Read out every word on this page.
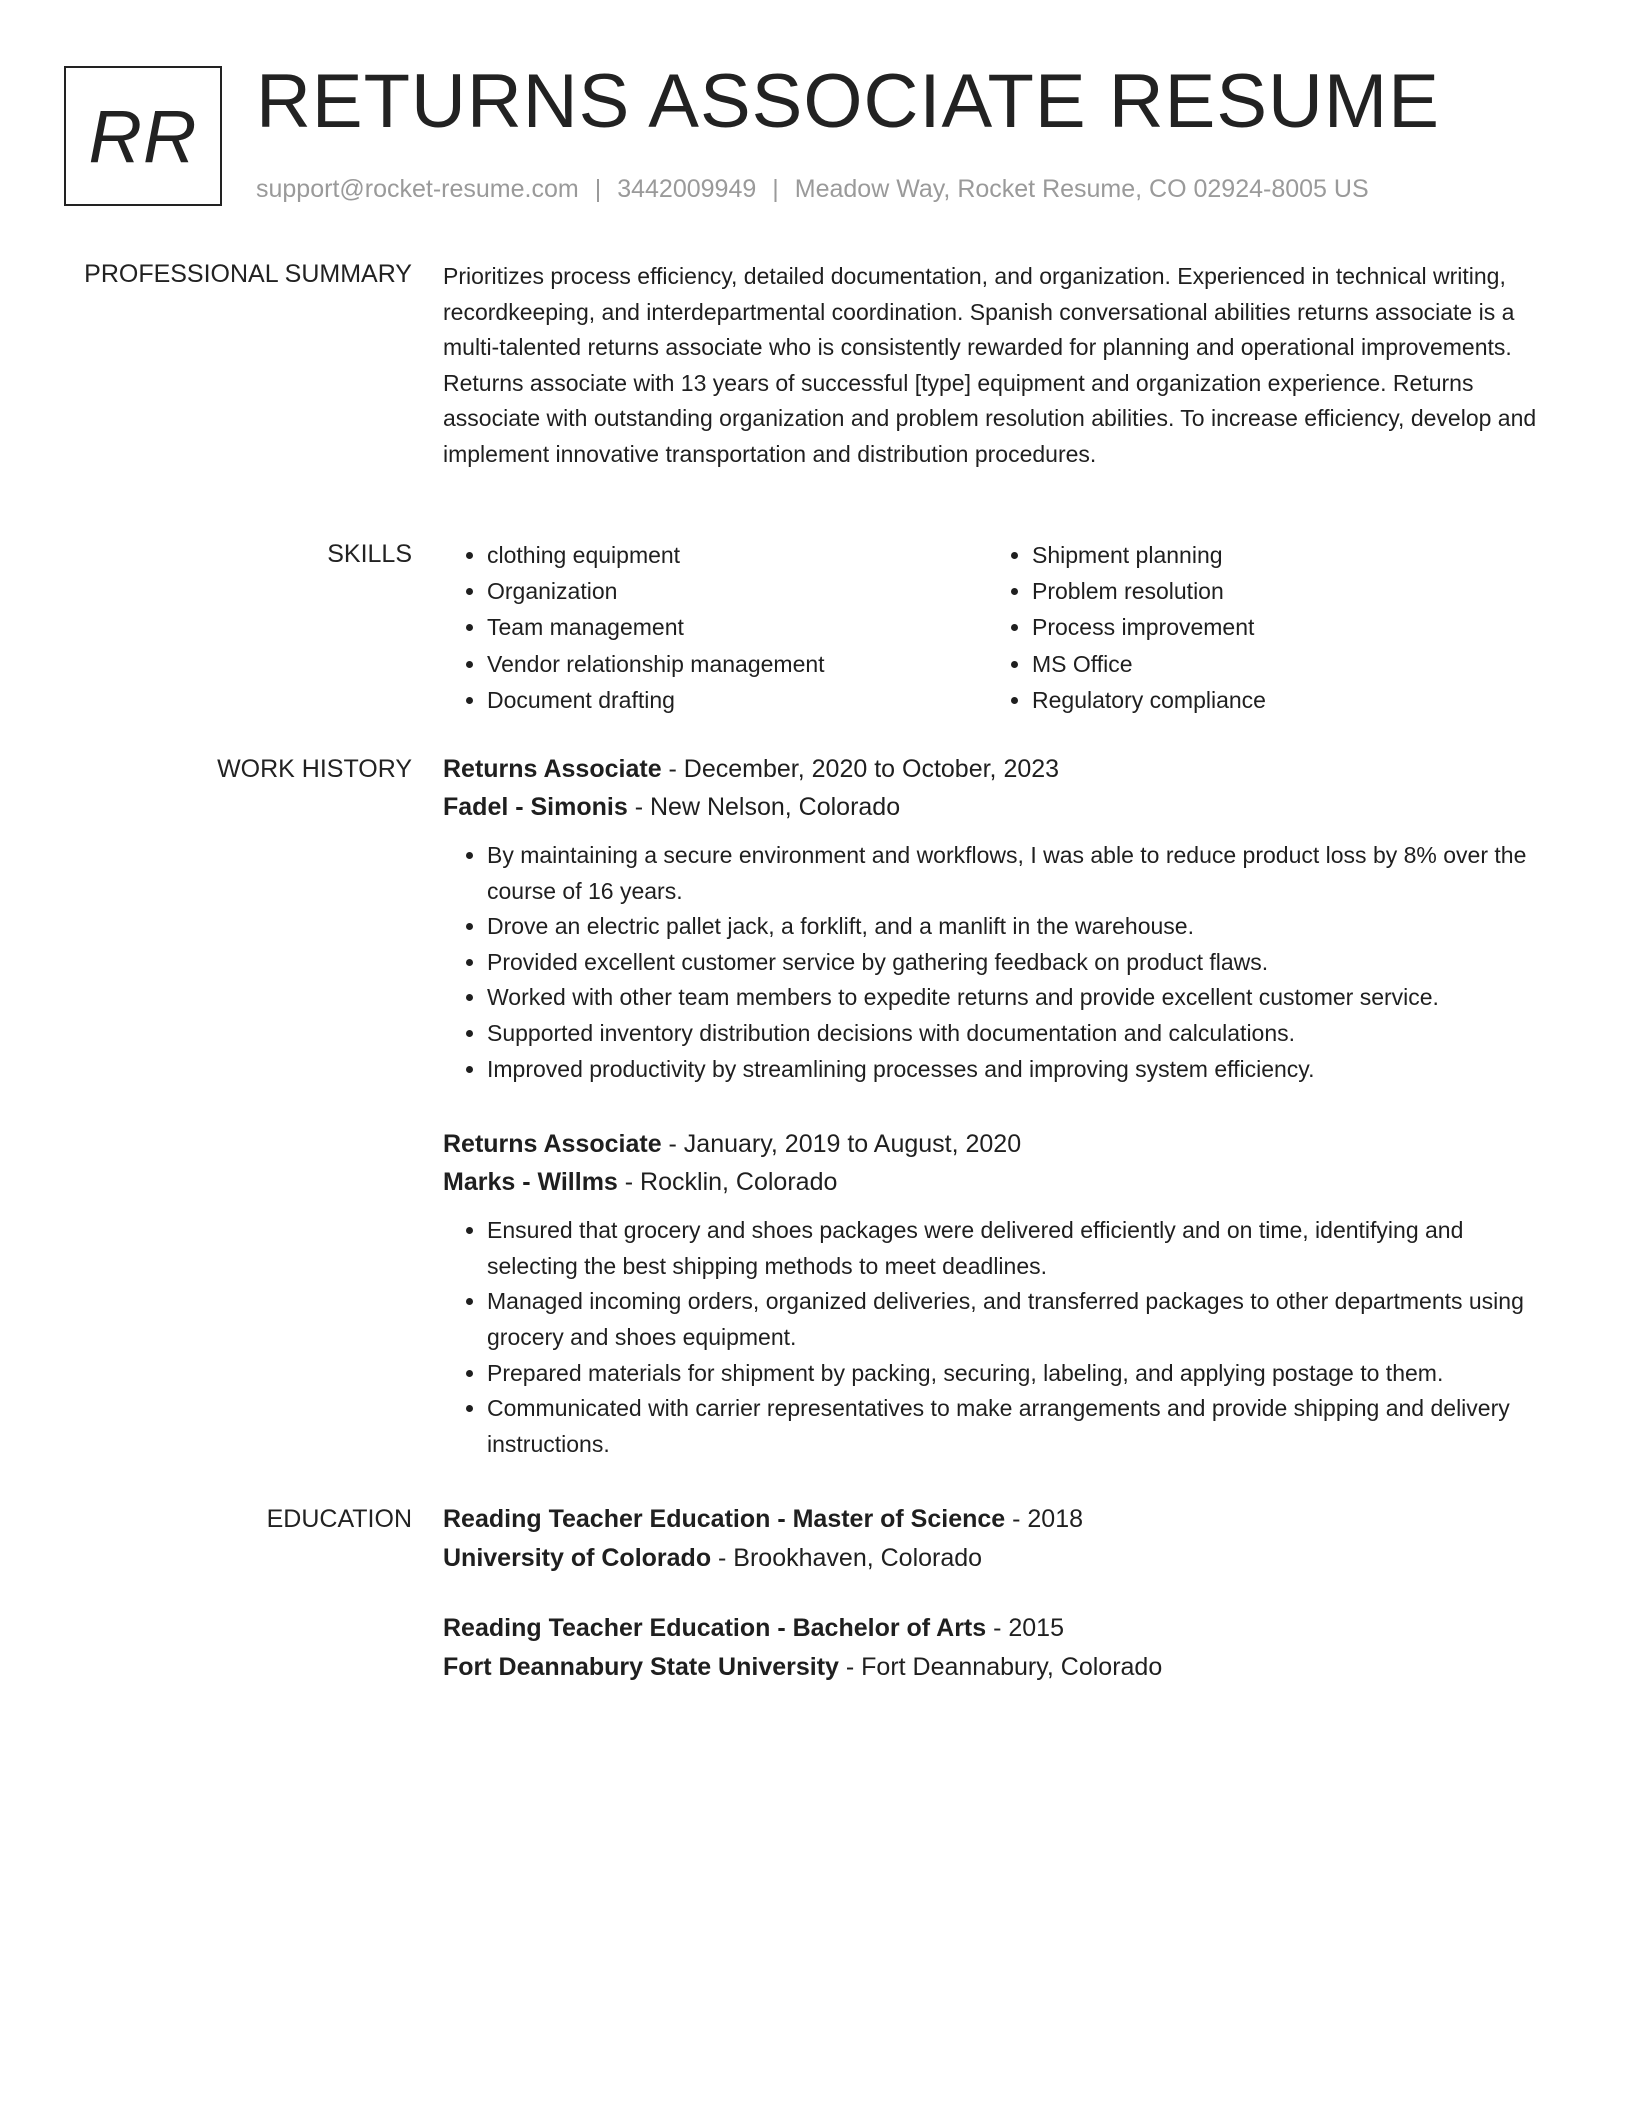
RR RETURNS ASSOCIATE RESUME
support@rocket-resume.com | 3442009949 | Meadow Way, Rocket Resume, CO 02924-8005 US
PROFESSIONAL SUMMARY Prioritizes process efficiency, detailed documentation, and organization. Experienced in technical writing, recordkeeping, and interdepartmental coordination. Spanish conversational abilities returns associate is a multi-talented returns associate who is consistently rewarded for planning and operational improvements. Returns associate with 13 years of successful [type] equipment and organization experience. Returns associate with outstanding organization and problem resolution abilities. To increase efficiency, develop and implement innovative transportation and distribution procedures.

SKILLS
•	clothing equipment
• Organization
• Team management
• Vendor relationship management
• Document drafting
• Shipment planning
• Problem resolution
• Process improvement
• MS Office
• Regulatory compliance
WORK HISTORY Returns Associate - December, 2020 to October, 2023
Fadel - Simonis - New Nelson, Colorado
• By maintaining a secure environment and workflows, I was able to reduce product loss by 8% over the course of 16 years.
• Drove an electric pallet jack, a forklift, and a manlift in the warehouse.
• Provided excellent customer service by gathering feedback on product flaws.
• Worked with other team members to expedite returns and provide excellent customer service.
• Supported inventory distribution decisions with documentation and calculations.
• Improved productivity by streamlining processes and improving system efficiency.
Returns Associate - January, 2019 to August, 2020
Marks - Willms - Rocklin, Colorado
• Ensured that grocery and shoes packages were delivered efficiently and on time, identifying and selecting the best shipping methods to meet deadlines.
• Managed incoming orders, organized deliveries, and transferred packages to other departments using grocery and shoes equipment.
• Prepared materials for shipment by packing, securing, labeling, and applying postage to them.
• Communicated with carrier representatives to make arrangements and provide shipping and delivery instructions.
EDUCATION Reading Teacher Education - Master of Science - 2018
University of Colorado - Brookhaven, Colorado
Reading Teacher Education - Bachelor of Arts - 2015
Fort Deannabury State University - Fort Deannabury, Colorado
